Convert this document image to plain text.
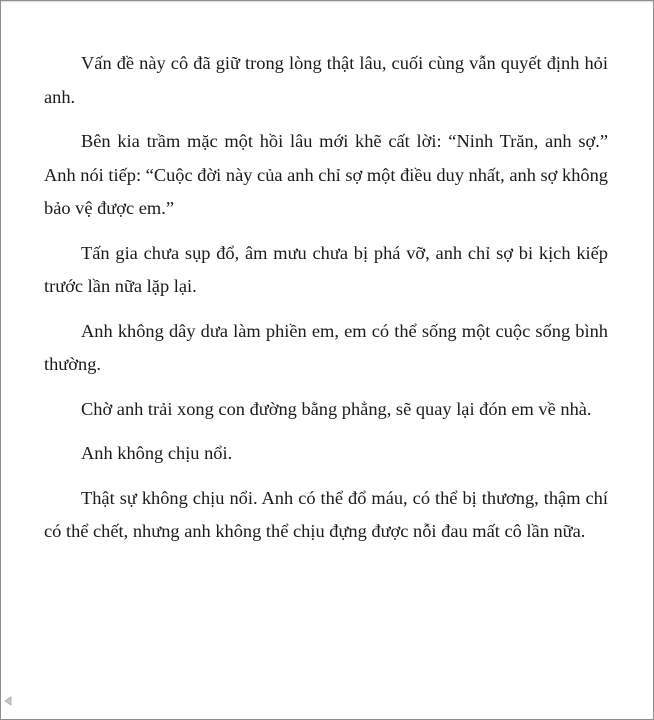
Vấn đề này cô đã giữ trong lòng thật lâu, cuối cùng vẫn quyết định hỏi anh.

Bên kia trầm mặc một hồi lâu mới khẽ cất lời: “Ninh Trăn, anh sợ.” Anh nói tiếp: “Cuộc đời này của anh chỉ sợ một điều duy nhất, anh sợ không bảo vệ được em.”

Tấn gia chưa sụp đổ, âm mưu chưa bị phá vỡ, anh chỉ sợ bi kịch kiếp trước lần nữa lặp lại.

Anh không dây dưa làm phiền em, em có thể sống một cuộc sống bình thường.

Chờ anh trải xong con đường bằng phẳng, sẽ quay lại đón em về nhà.

Anh không chịu nổi.

Thật sự không chịu nổi. Anh có thể đổ máu, có thể bị thương, thậm chí có thể chết, nhưng anh không thể chịu đựng được nỗi đau mất cô lần nữa.
